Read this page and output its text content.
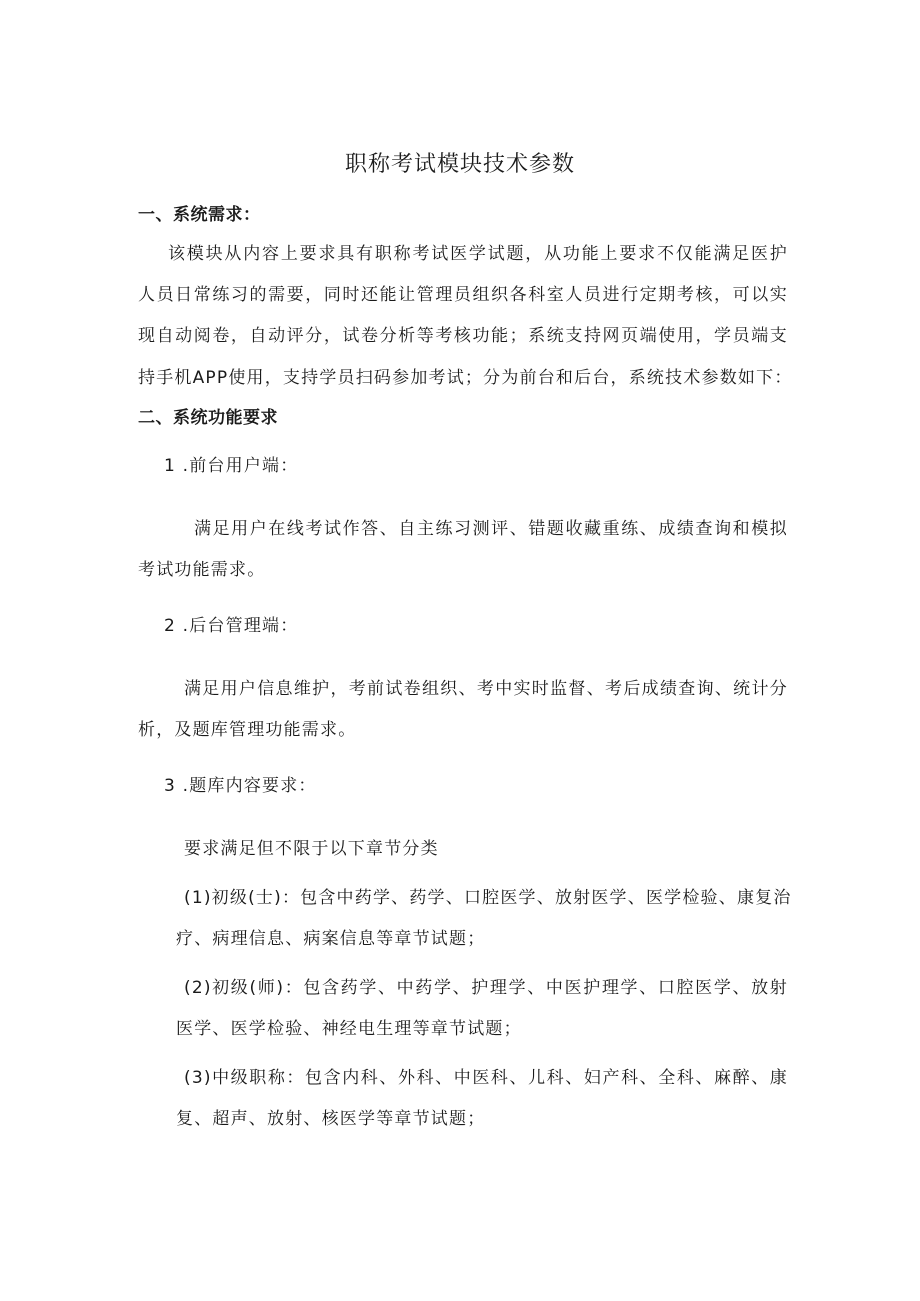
职称考试模块技术参数
一、系统需求：
该模块从内容上要求具有职称考试医学试题，从功能上要求不仅能满足医护
人员日常练习的需要，同时还能让管理员组织各科室人员进行定期考核，可以实
现自动阅卷，自动评分，试卷分析等考核功能；系统支持网页端使用，学员端支
持手机APP使用，支持学员扫码参加考试；分为前台和后台，系统技术参数如下：
二、系统功能要求
1 .前台用户端：
满足用户在线考试作答、自主练习测评、错题收藏重练、成绩查询和模拟
考试功能需求。
2 .后台管理端：
满足用户信息维护，考前试卷组织、考中实时监督、考后成绩查询、统计分
析，及题库管理功能需求。
3 .题库内容要求：
要求满足但不限于以下章节分类
(1)初级(士)：包含中药学、药学、口腔医学、放射医学、医学检验、康复治
疗、病理信息、病案信息等章节试题；
(2)初级(师)：包含药学、中药学、护理学、中医护理学、口腔医学、放射
医学、医学检验、神经电生理等章节试题；
(3)中级职称：包含内科、外科、中医科、儿科、妇产科、全科、麻醉、康
复、超声、放射、核医学等章节试题；
